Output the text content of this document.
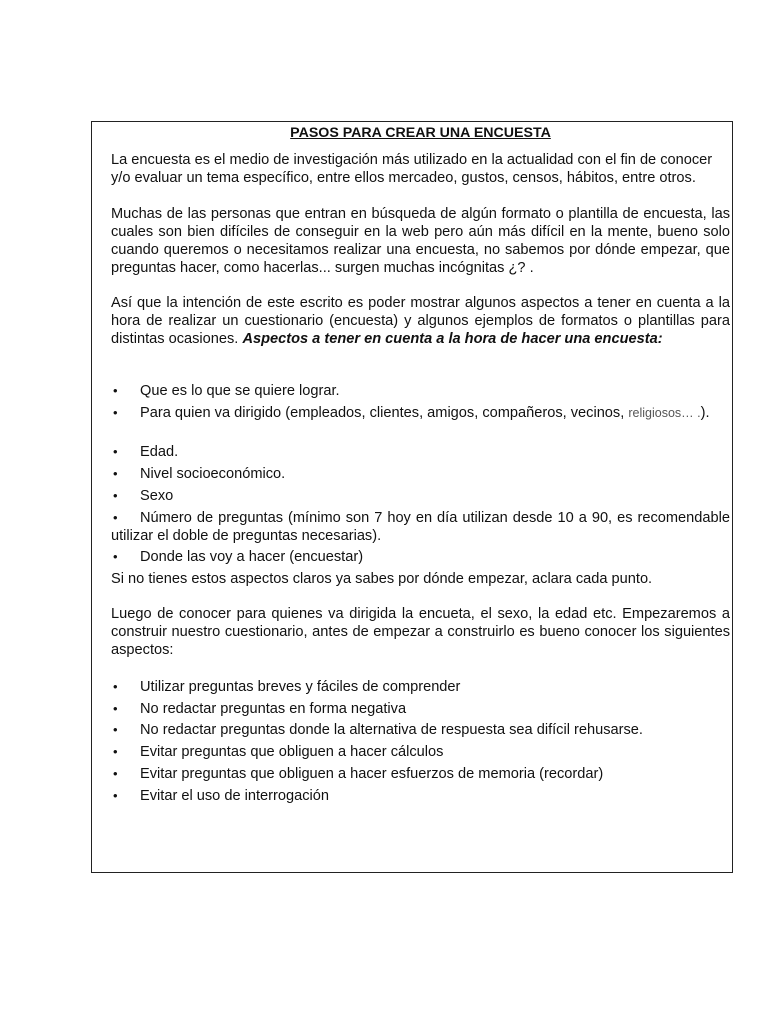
PASOS PARA CREAR UNA ENCUESTA

La encuesta es el medio de investigación más utilizado en la actualidad con el fin de conocer y/o evaluar un tema específico, entre ellos mercadeo, gustos, censos, hábitos, entre otros.

Muchas de las personas que entran en búsqueda de algún formato o plantilla de encuesta, las cuales son bien difíciles de conseguir en la web pero aún más difícil en la mente, bueno solo cuando queremos o necesitamos realizar una encuesta, no sabemos por dónde empezar, que preguntas hacer, como hacerlas... surgen muchas incógnitas ¿? .

Así que la intención de este escrito es poder mostrar algunos aspectos a tener en cuenta a la hora de realizar un cuestionario (encuesta) y algunos ejemplos de formatos o plantillas para distintas ocasiones. Aspectos a tener en cuenta a la hora de hacer una encuesta:

•	Que es lo que se quiere lograr.
•	Para quien va dirigido (empleados, clientes, amigos, compañeros, vecinos, religiosos… .).
•	Edad.
•	Nivel socioeconómico.
•	Sexo
•	Número de preguntas (mínimo son 7 hoy en día utilizan desde 10 a 90, es recomendable utilizar el doble de preguntas necesarias).
•	Donde las voy a hacer (encuestar)

Si no tienes estos aspectos claros ya sabes por dónde empezar, aclara cada punto.

Luego de conocer para quienes va dirigida la encueta, el sexo, la edad etc. Empezaremos a construir nuestro cuestionario, antes de empezar a construirlo es bueno conocer los siguientes aspectos:

•	Utilizar preguntas breves y fáciles de comprender
•	No redactar preguntas en forma negativa
•	No redactar preguntas donde la alternativa de respuesta sea difícil rehusarse.
•	Evitar preguntas que obliguen a hacer cálculos
•	Evitar preguntas que obliguen a hacer esfuerzos de memoria (recordar)
•	Evitar el uso de interrogación
